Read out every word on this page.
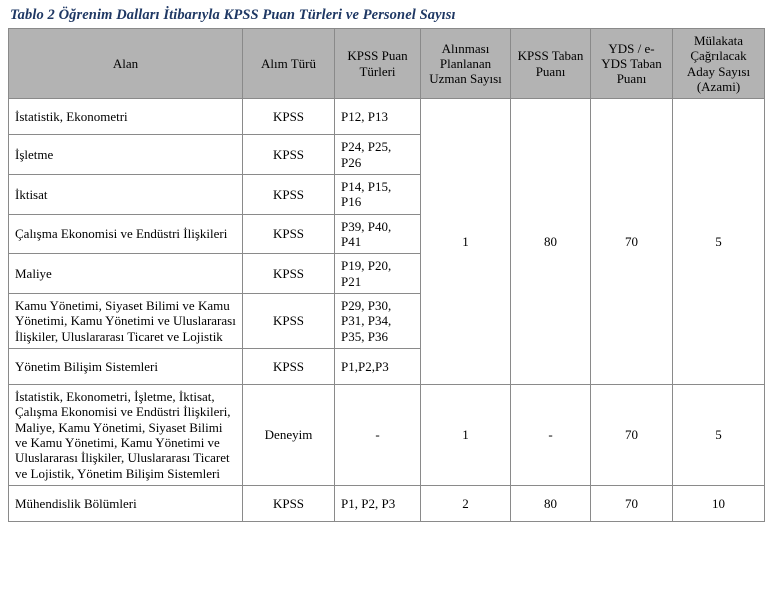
Tablo 2 Öğrenim Dalları İtibarıyla KPSS Puan Türleri ve Personel Sayısı
Alan	Alım Türü	KPSS Puan Türleri	Alınması Planlanan Uzman Sayısı	KPSS Taban Puanı	YDS / e-YDS Taban Puanı	Mülakata Çağrılacak Aday Sayısı (Azami)
İstatistik, Ekonometri	KPSS	P12, P13	1	80	70	5
İşletme	KPSS	P24, P25, P26				
İktisat	KPSS	P14, P15, P16				
Çalışma Ekonomisi ve Endüstri İlişkileri	KPSS	P39, P40, P41				
Maliye	KPSS	P19, P20, P21				
Kamu Yönetimi, Siyaset Bilimi ve Kamu Yönetimi, Kamu Yönetimi ve Uluslararası İlişkiler, Uluslararası Ticaret ve Lojistik	KPSS	P29, P30, P31, P34, P35, P36				
Yönetim Bilişim Sistemleri	KPSS	P1,P2,P3				
İstatistik, Ekonometri, İşletme, İktisat, Çalışma Ekonomisi ve Endüstri İlişkileri, Maliye, Kamu Yönetimi, Siyaset Bilimi ve Kamu Yönetimi, Kamu Yönetimi ve Uluslararası İlişkiler, Uluslararası Ticaret ve Lojistik, Yönetim Bilişim Sistemleri	Deneyim	-	1	-	70	5
Mühendislik Bölümleri	KPSS	P1, P2, P3	2	80	70	10
